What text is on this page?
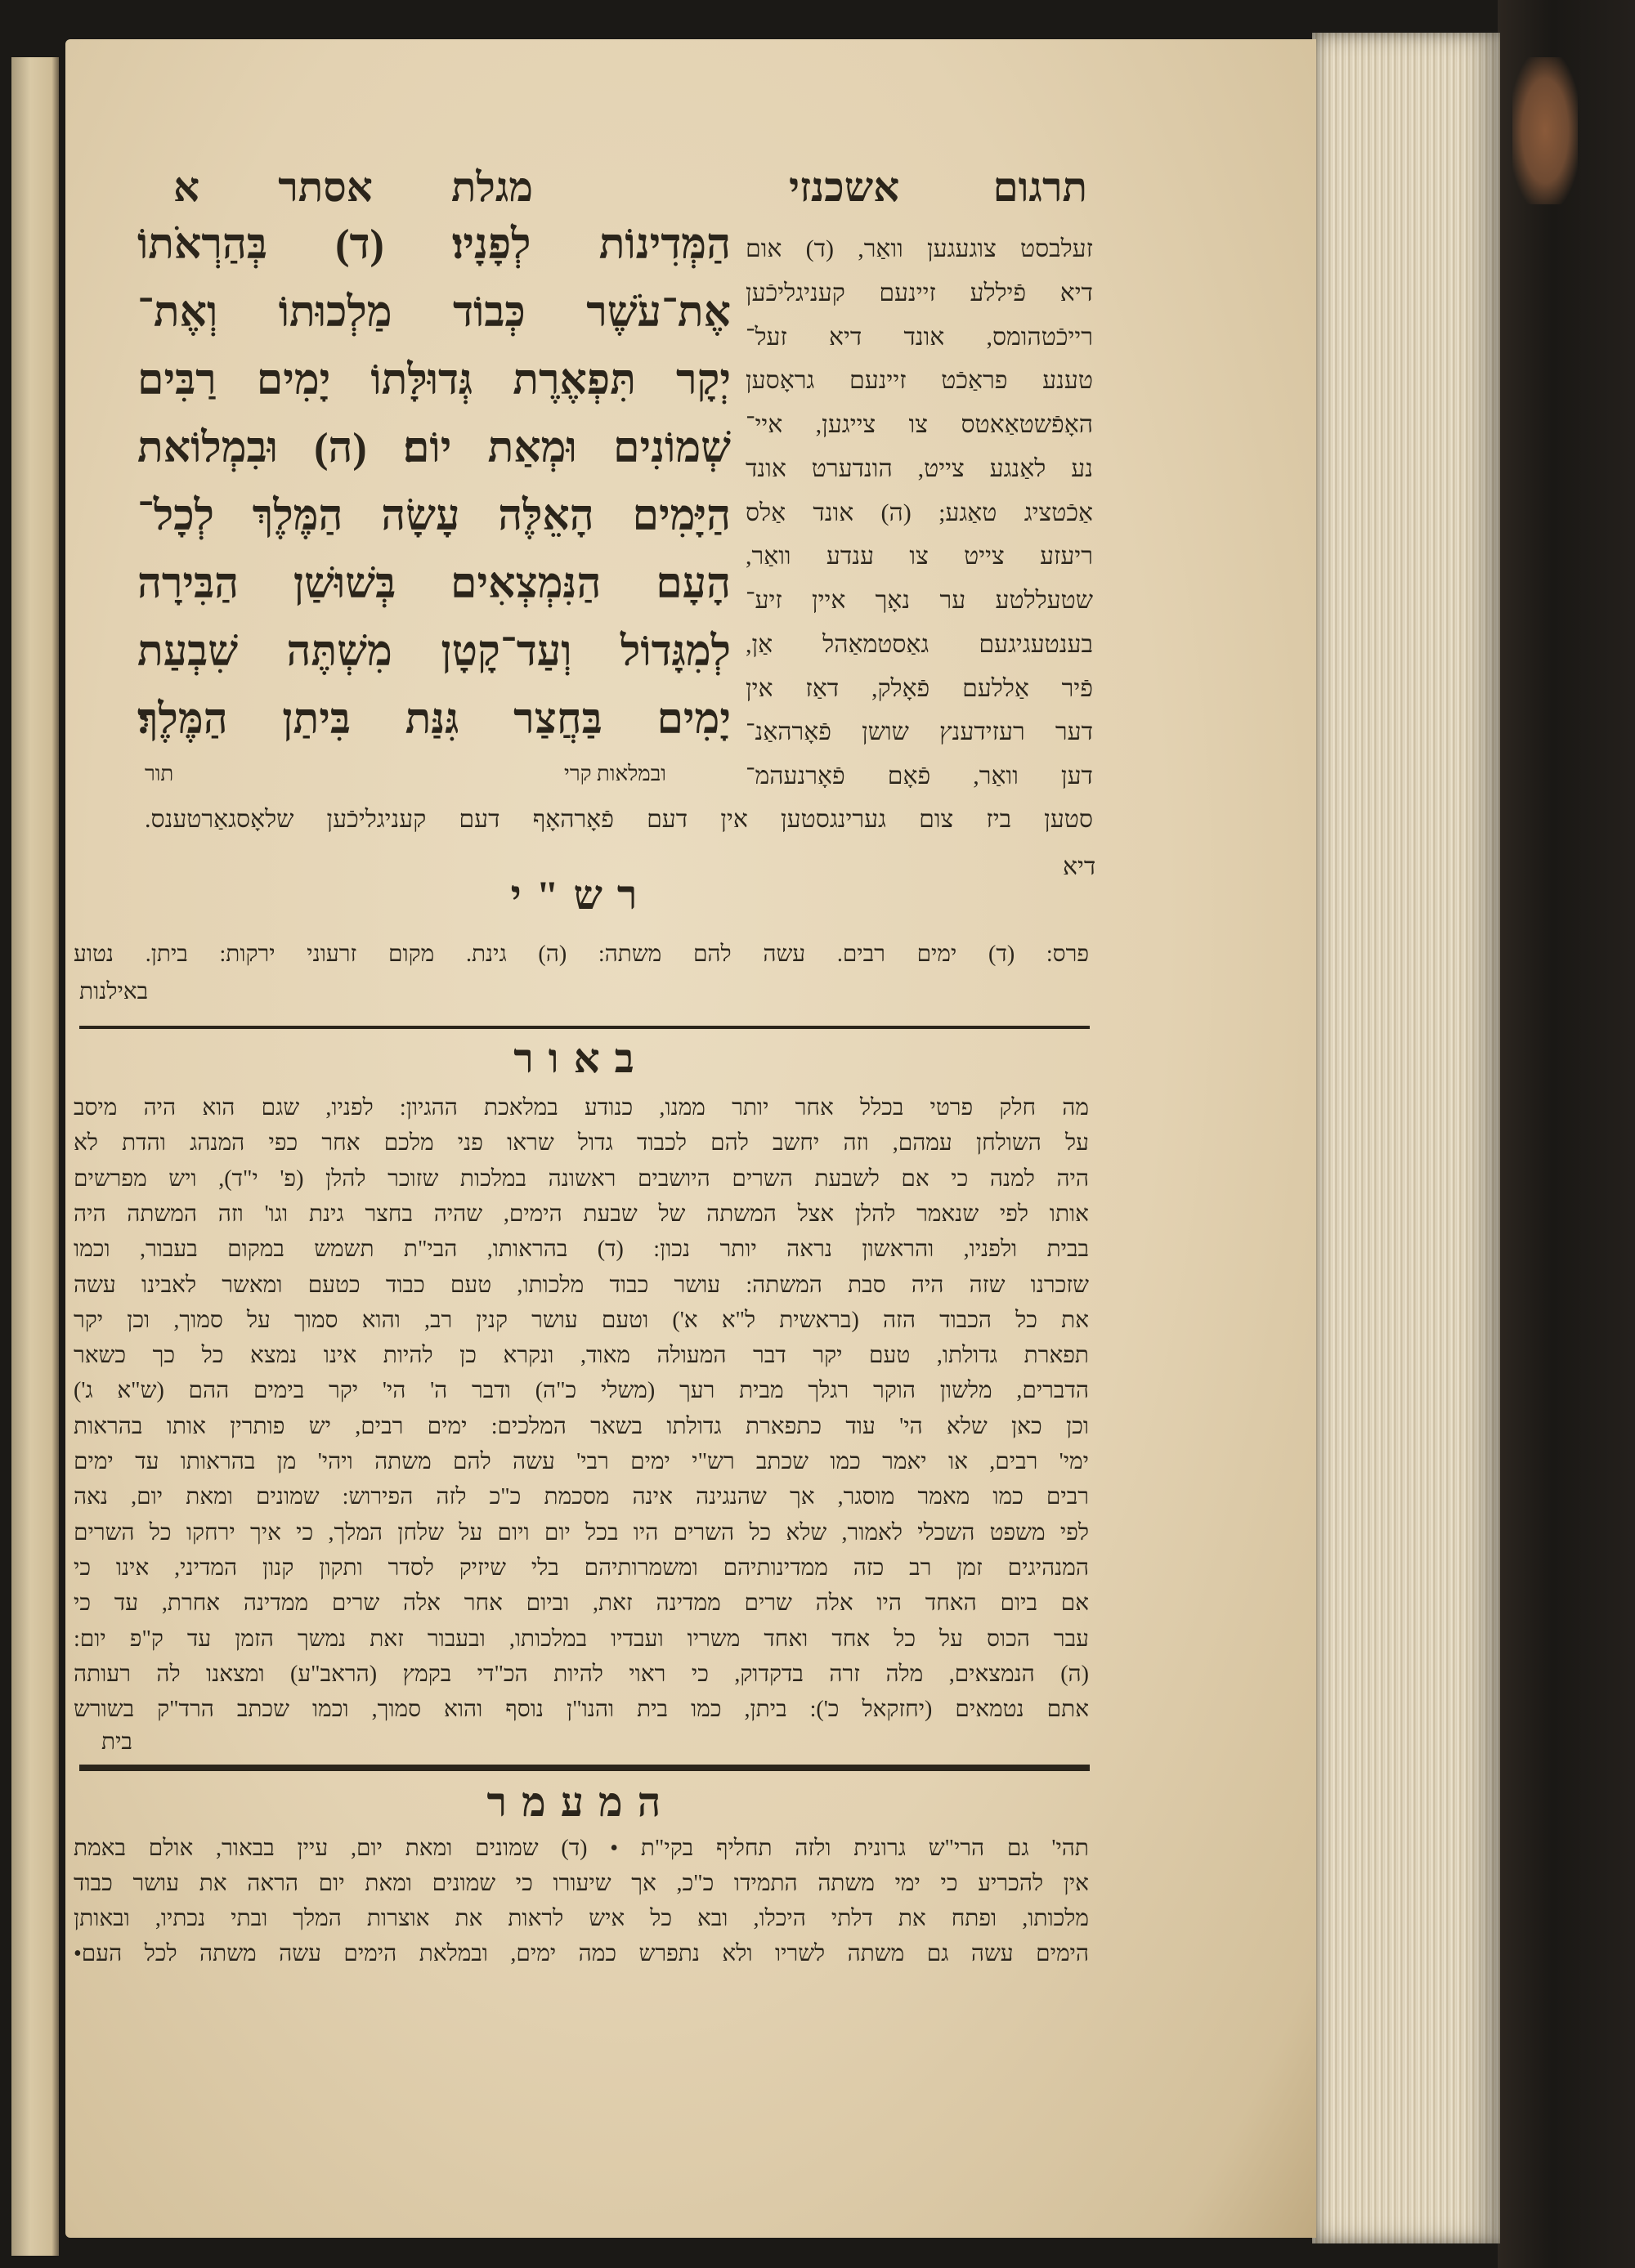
מגלת אסתר א	תרגום אשכנזי
הַמְּדִינוֹת לְפָנָיו׃ (ד) בְּהַרְאֹתוֹ
אֶת־עֹשֶׁר כְּבוֹד מַלְכוּתוֹ וְאֶת־
יְקָר תִּפְאֶרֶת גְּדוּלָּתוֹ יָמִים רַבִּים
שְׁמוֹנִים וּמְאַת יוֹם׃ (ה) וּבִמְלוֹאת
הַיָּמִים הָאֵלֶּה עָשָׂה הַמֶּלֶךְ לְכָל־
הָעָם הַנִּמְצְאִים בְּשׁוּשַׁן הַבִּירָה
לְמִגָּדוֹל וְעַד־קָטָן מִשְׁתֶּה שִׁבְעַת
יָמִים בַּחֲצַר גִּנַּת בִּיתַן הַמֶּלֶךְ׃
זעלבסט צוגעגען וואַר, (ד) אום
דיא פֿיללע זיינעם קעניגליכֿען
רייכֿטהומס, אונד דיא זעל־
טענע פראַכֿט זיינעם גראָסען
האָפֿשטאַאטס צו צייגען, איי־
נע לאַנגע צייט, הונדערט אונד
אַכֿטציג טאַגע; (ה) אונד אַלס
ריעזע צייט צו ענדע וואַר,
שטעללטע ער נאָך איין זיע־
בענטעגיגעם גאַסטמאַהל אַן,
פֿיר אַללעם פֿאָלק, דאַז אין
דער רעזידענץ שושן פֿאָרהאַנ־
דען וואַר, פֿאָם פֿאָרנעהמ־
תור	ובמלאות קרי
סטען ביז צום גערינגסטען אין דעם פֿאָרהאָף דעם קעניגליכֿען שלאָסגאַרטענס.
דיא
רש"י
פרס: (ד) ימים רבים. עשה להם משתה: (ה) גינת. מקום זרעוני ירקות: ביתן. נטוע
באילנות
באור
מה חלק פרטי בכלל אחר יותר ממנו, כנודע במלאכת ההגיון: לפניו, שגם הוא היה מיסב
על השולחן עמהם, וזה יחשב להם לכבוד גדול שראו פני מלכם אחר כפי המנהג והדת לא
היה למנה כי אם לשבעת השרים היושבים ראשונה במלכות שזוכר להלן (פ' י"ד), ויש מפרשים
אותו לפי שנאמר להלן אצל המשתה של שבעת הימים, שהיה בחצר גינת וגו' וזה המשתה היה
בבית ולפניו, והראשון נראה יותר נכון: (ד) בהראותו, הבי"ת תשמש במקום בעבור, וכמו
שזכרנו שזה היה סבת המשתה: עושר כבוד מלכותו, טעם כבוד כטעם ומאשר לאבינו עשה
את כל הכבוד הזה (בראשית ל"א א') וטעם עושר קנין רב, והוא סמוך על סמוך, וכן יקר
תפארת גדולתו, טעם יקר דבר המעולה מאוד, ונקרא כן להיות אינו נמצא כל כך כשאר
הדברים, מלשון הוקר רגלך מבית רעך (משלי כ"ה) ודבר ה' הי' יקר בימים ההם (ש"א ג')
וכן כאן שלא הי' עוד כתפארת גדולתו בשאר המלכים: ימים רבים, יש פותרין אותו בהראות
ימי' רבים, או יאמר כמו שכתב רש"י ימים רבי' עשה להם משתה ויהי' מן בהראותו עד ימים
רבים כמו מאמר מוסגר, אך שהנגינה אינה מסכמת כ"כ לזה הפירוש: שמונים ומאת יום, נאה
לפי משפט השכלי לאמור, שלא כל השרים היו בכל יום ויום על שלחן המלך, כי איך ירחקו כל השרים
המנהיגים זמן רב כזה ממדינותיהם ומשמרותיהם בלי שיזיק לסדר ותקון קנון המדיני, אינו כי
אם ביום האחד היו אלה שרים ממדינה זאת, וביום אחר אלה שרים ממדינה אחרת, עד כי
עבר הכוס על כל אחד ואחד משריו ועבדיו במלכותו, ובעבור זאת נמשך הזמן עד ק"פ יום:
(ה) הנמצאים, מלה זרה בדקדוק, כי ראוי להיות הכ"די בקמץ (הראב"ע) ומצאנו לה רעותה
אתם נטמאים (יחזקאל כ'): ביתן, כמו בית והנו"ן נוסף והוא סמוך, וכמו שכתב הרד"ק בשורש
בית
המעמר
תהי' גם הרי"ש גרונית ולזה תחליף בקי"ת • (ד) שמונים ומאת יום, עיין בבאור, אולם באמת
אין להכריע כי ימי משתה התמידו כ"כ, אך שיעורו כי שמונים ומאת יום הראה את עושר כבוד
מלכותו, ופתח את דלתי היכלו, ובא כל איש לראות את אוצרות המלך ובתי נכתיו, ובאותן
הימים עשה גם משתה לשריו ולא נתפרש כמה ימים, ובמלאת הימים עשה משתה לכל העם•
